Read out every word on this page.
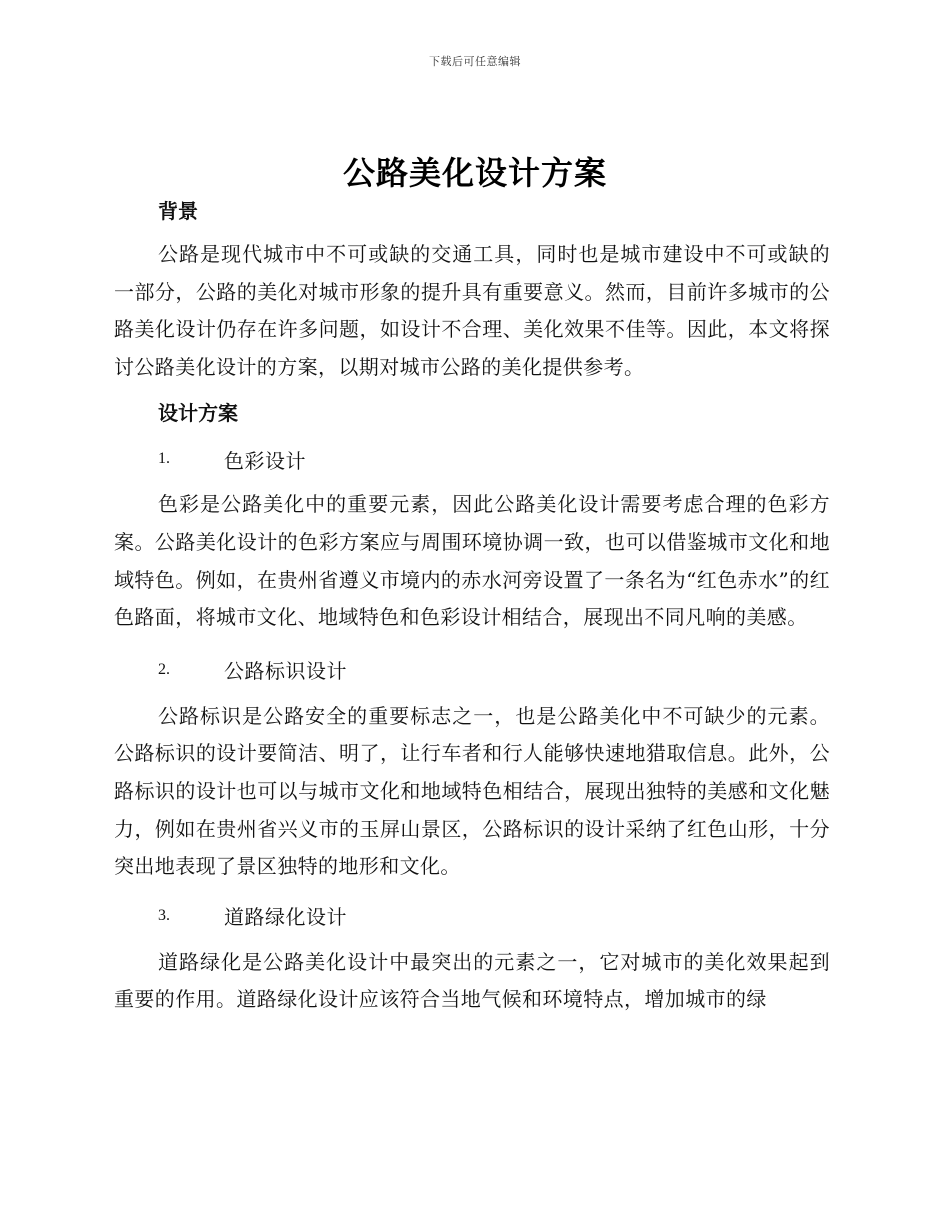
下载后可任意编辑
公路美化设计方案
背景

公路是现代城市中不可或缺的交通工具，同时也是城市建设中不可或缺的一部分，公路的美化对城市形象的提升具有重要意义。然而，目前许多城市的公路美化设计仍存在许多问题，如设计不合理、美化效果不佳等。因此，本文将探讨公路美化设计的方案，以期对城市公路的美化提供参考。

设计方案
1.	色彩设计

色彩是公路美化中的重要元素，因此公路美化设计需要考虑合理的色彩方案。公路美化设计的色彩方案应与周围环境协调一致，也可以借鉴城市文化和地域特色。例如，在贵州省遵义市境内的赤水河旁设置了一条名为“红色赤水”的红色路面，将城市文化、地域特色和色彩设计相结合，展现出不同凡响的美感。

2.	公路标识设计

公路标识是公路安全的重要标志之一，也是公路美化中不可缺少的元素。公路标识的设计要简洁、明了，让行车者和行人能够快速地猎取信息。此外，公路标识的设计也可以与城市文化和地域特色相结合，展现出独特的美感和文化魅力，例如在贵州省兴义市的玉屏山景区，公路标识的设计采纳了红色山形，十分突出地表现了景区独特的地形和文化。

3.	道路绿化设计

道路绿化是公路美化设计中最突出的元素之一，它对城市的美化效果起到重要的作用。道路绿化设计应该符合当地气候和环境特点，增加城市的绿
